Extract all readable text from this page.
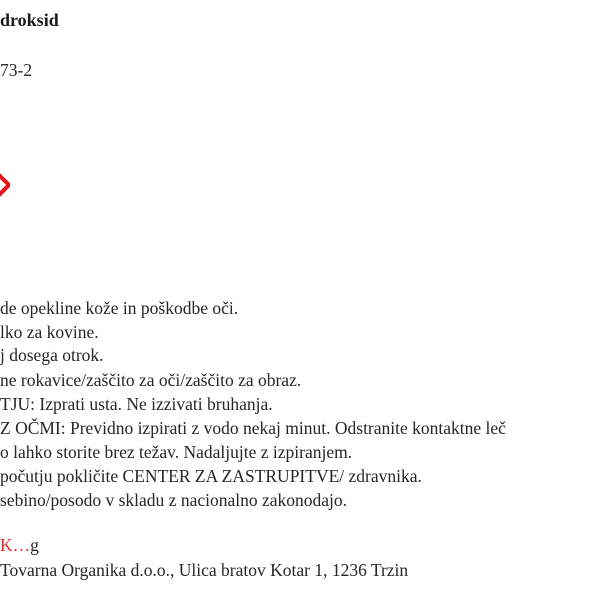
droksid
73-2
de opekline kože in poškodbe oči.
lko za kovine.
j dosega otrok.
ne rokavice/zaščito za oči/zaščito za obraz.
TJU: Izprati usta. Ne izzivati bruhanja.
Z OČMI: Previdno izpirati z vodo nekaj minut. Odstranite kontaktne leč
o lahko storite brez težav. Nadaljujte z izpiranjem.
počutju pokličite CENTER ZA ZASTRUPITVE/ zdravnika.
sebino/posodo v skladu z nacionalno zakonodajo.
K…g
Tovarna Organika d.o.o., Ulica bratov Kotar 1, 1236 Trzin
